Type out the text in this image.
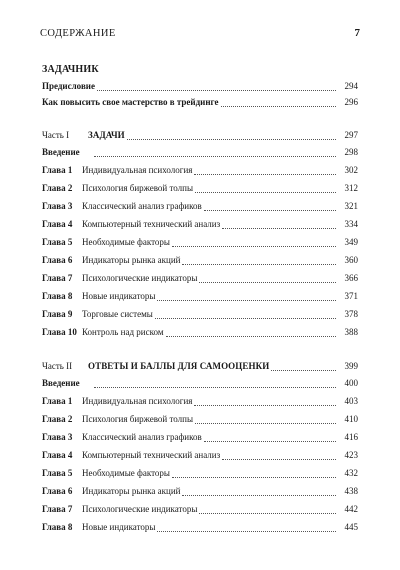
СОДЕРЖАНИЕ	7
ЗАДАЧНИК
Предисловие	294
Как повысить свое мастерство в трейдинге	296
Часть I	ЗАДАЧИ	297
Введение	298
Глава 1	Индивидуальная психология	302
Глава 2	Психология биржевой толпы	312
Глава 3	Классический анализ графиков	321
Глава 4	Компьютерный технический анализ	334
Глава 5	Необходимые факторы	349
Глава 6	Индикаторы рынка акций	360
Глава 7	Психологические индикаторы	366
Глава 8	Новые индикаторы	371
Глава 9	Торговые системы	378
Глава 10 Контроль над риском	388
Часть II	ОТВЕТЫ И БАЛЛЫ ДЛЯ САМООЦЕНКИ	399
Введение	400
Глава 1	Индивидуальная психология	403
Глава 2	Психология биржевой толпы	410
Глава 3	Классический анализ графиков	416
Глава 4	Компьютерный технический анализ	423
Глава 5	Необходимые факторы	432
Глава 6	Индикаторы рынка акций	438
Глава 7	Психологические индикаторы	442
Глава 8	Новые индикаторы	445
